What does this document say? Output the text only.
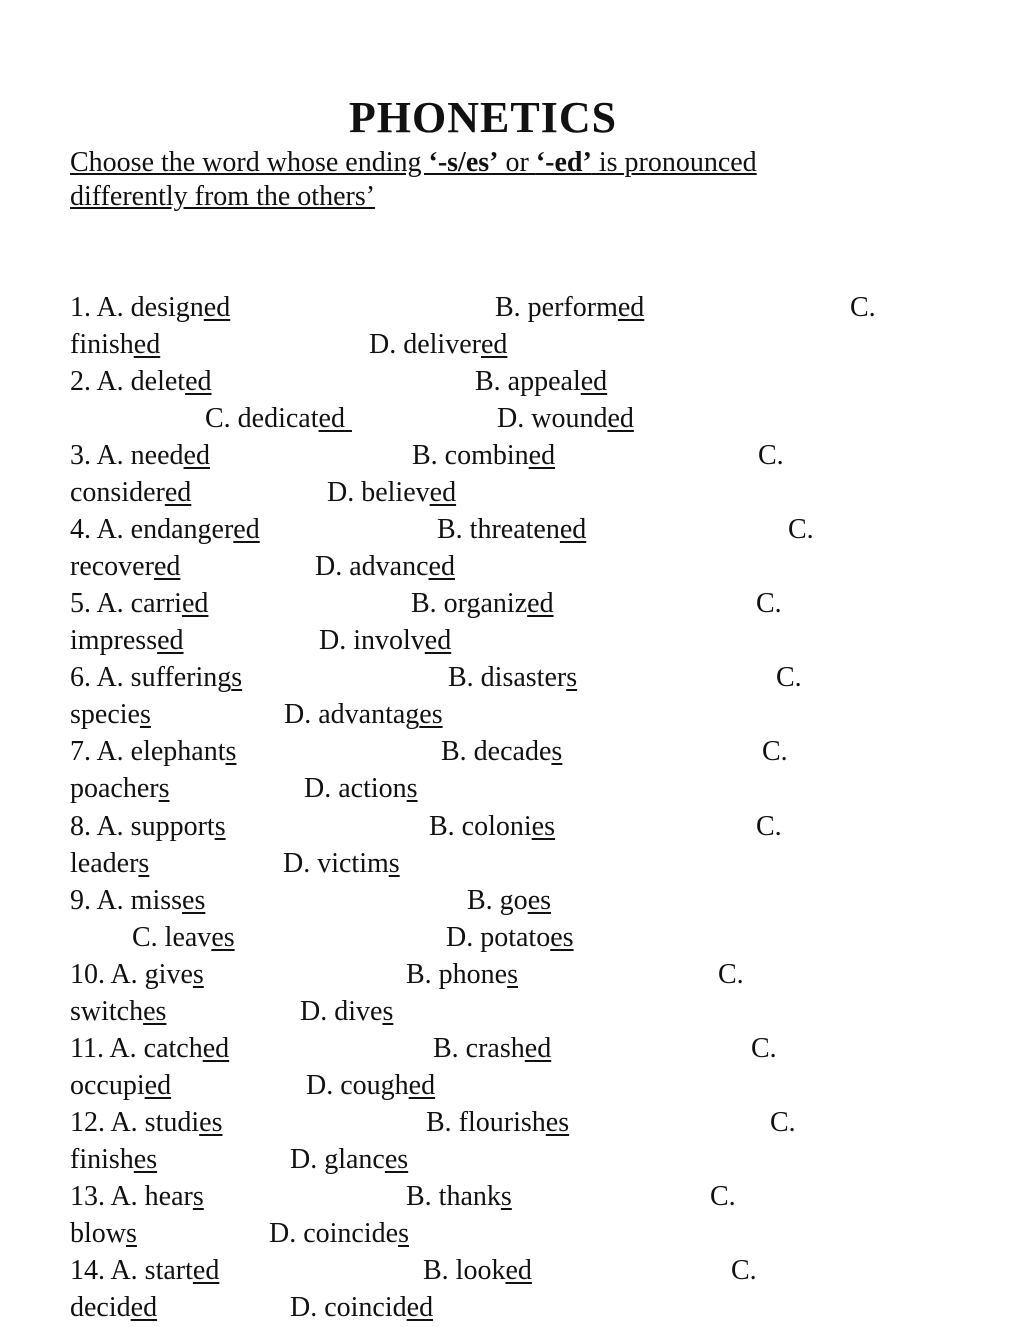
PHONETICS
Choose the word whose ending ‘-s/es’ or ‘-ed’ is pronounced differently from the others’
1. A. designed	B. performed	C.
finished	D. delivered
2. A. deleted	B. appealed
C. dedicated	D. wounded
3. A. needed	B. combined	C.
considered	D. believed
4. A. endangered	B. threatened	C.
recovered	D. advanced
5. A. carried	B. organized	C.
impressed	D. involved
6. A. sufferings	B. disasters	C.
species	D. advantages
7. A. elephants	B. decades	C.
poachers	D. actions
8. A. supports	B. colonies	C.
leaders	D. victims
9. A. misses	B. goes
C. leaves	D. potatoes
10. A. gives	B. phones	C.
switches	D. dives
11. A. catched	B. crashed	C.
occupied	D. coughed
12. A. studies	B. flourishes	C.
finishes	D. glances
13. A. hears	B. thanks	C.
blows	D. coincides
14. A. started	B. looked	C.
decided	D. coincided
